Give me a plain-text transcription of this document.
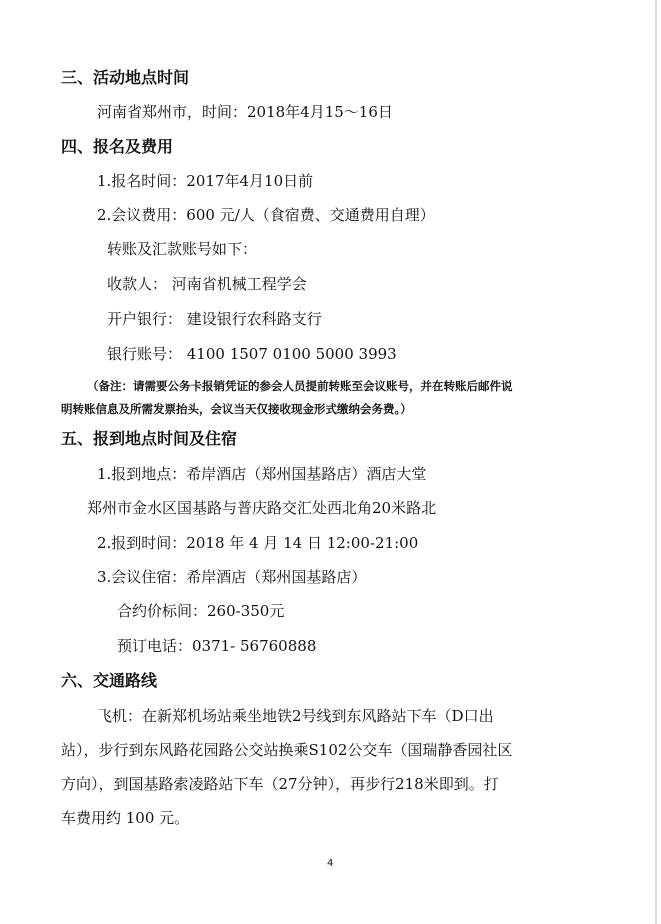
三、活动地点时间
河南省郑州市，时间：2018年4月15～16日
四、报名及费用
1.报名时间：2017年4月10日前
2.会议费用：600 元/人（食宿费、交通费用自理）
转账及汇款账号如下：
收款人： 河南省机械工程学会
开户银行： 建设银行农科路支行
银行账号： 4100 1507 0100 5000 3993
（备注：请需要公务卡报销凭证的参会人员提前转账至会议账号，并在转账后邮件说
明转账信息及所需发票抬头，会议当天仅接收现金形式缴纳会务费。）
五、报到地点时间及住宿
1.报到地点：希岸酒店（郑州国基路店）酒店大堂
郑州市金水区国基路与普庆路交汇处西北角20米路北
2.报到时间：2018 年 4 月 14 日 12:00-21:00
3.会议住宿：希岸酒店（郑州国基路店）
合约价标间：260-350元
预订电话：0371- 56760888
六、交通路线
飞机：在新郑机场站乘坐地铁2号线到东风路站下车（D口出
站），步行到东风路花园路公交站换乘S102公交车（国瑞静香园社区
方向），到国基路索凌路站下车（27分钟），再步行218米即到。打
车费用约 100 元。
4
